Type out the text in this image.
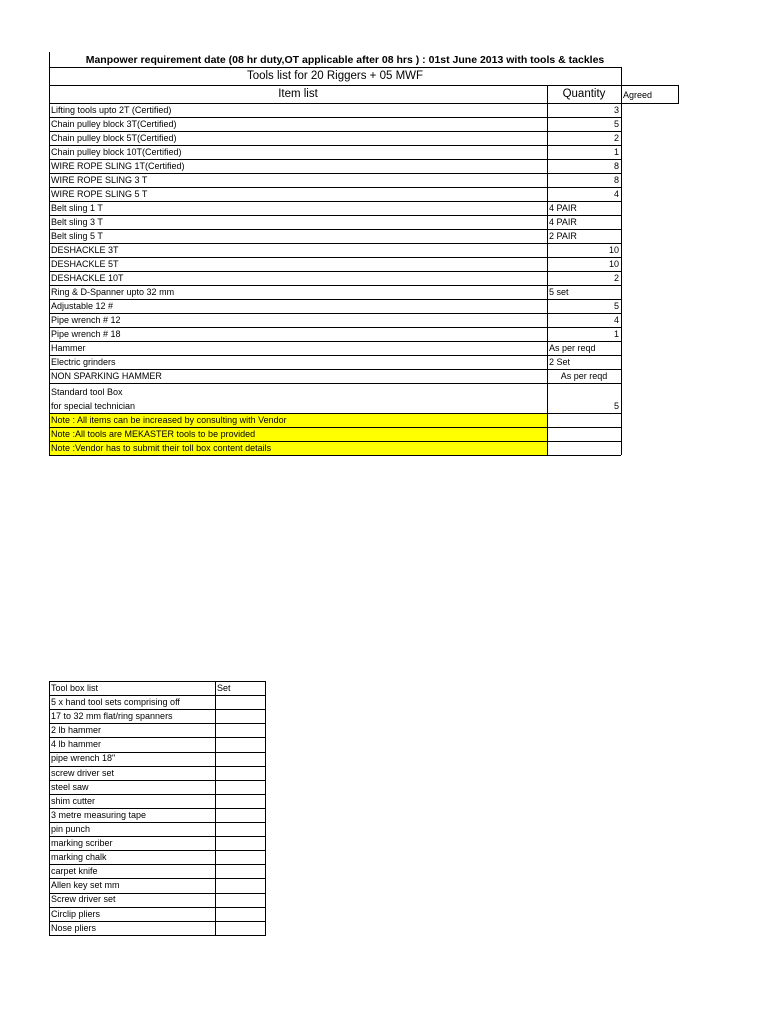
Manpower requirement date (08 hr duty,OT applicable after 08 hrs ) : 01st June 2013 with tools & tackles
Tools list for 20 Riggers + 05 MWF
Item list	Quantity	Agreed
Lifting tools upto 2T (Certified)	3
Chain pulley block 3T(Certified)	5
Chain pulley block 5T(Certified)	2
Chain pulley block 10T(Certified)	1
WIRE ROPE SLING 1T(Certified)	8
WIRE ROPE SLING 3 T	8
WIRE ROPE SLING 5 T	4
Belt sling 1 T	4 PAIR
Belt sling 3 T	4 PAIR
Belt sling 5 T	2 PAIR
DESHACKLE 3T	10
DESHACKLE 5T	10
DESHACKLE 10T	2
Ring & D-Spanner upto 32 mm	5 set
Adjustable 12 #	5
Pipe wrench # 12	4
Pipe wrench # 18	1
Hammer	As per reqd
Electric grinders	2 Set
NON SPARKING HAMMER	As per reqd
Standard tool Box
for special technician	5
Note : All items can be increased by consulting with Vendor
Note :All tools are MEKASTER tools to be provided
Note :Vendor has to submit their toll box content details
Tool box list	Set
5 x hand tool sets comprising off
17 to 32 mm flat/ring spanners
2 lb hammer
4 lb hammer
pipe wrench 18"
screw driver set
steel saw
shim cutter
3 metre measuring tape
pin punch
marking scriber
marking chalk
carpet knife
Allen key set mm
Screw driver set
Circlip pliers
Nose pliers
